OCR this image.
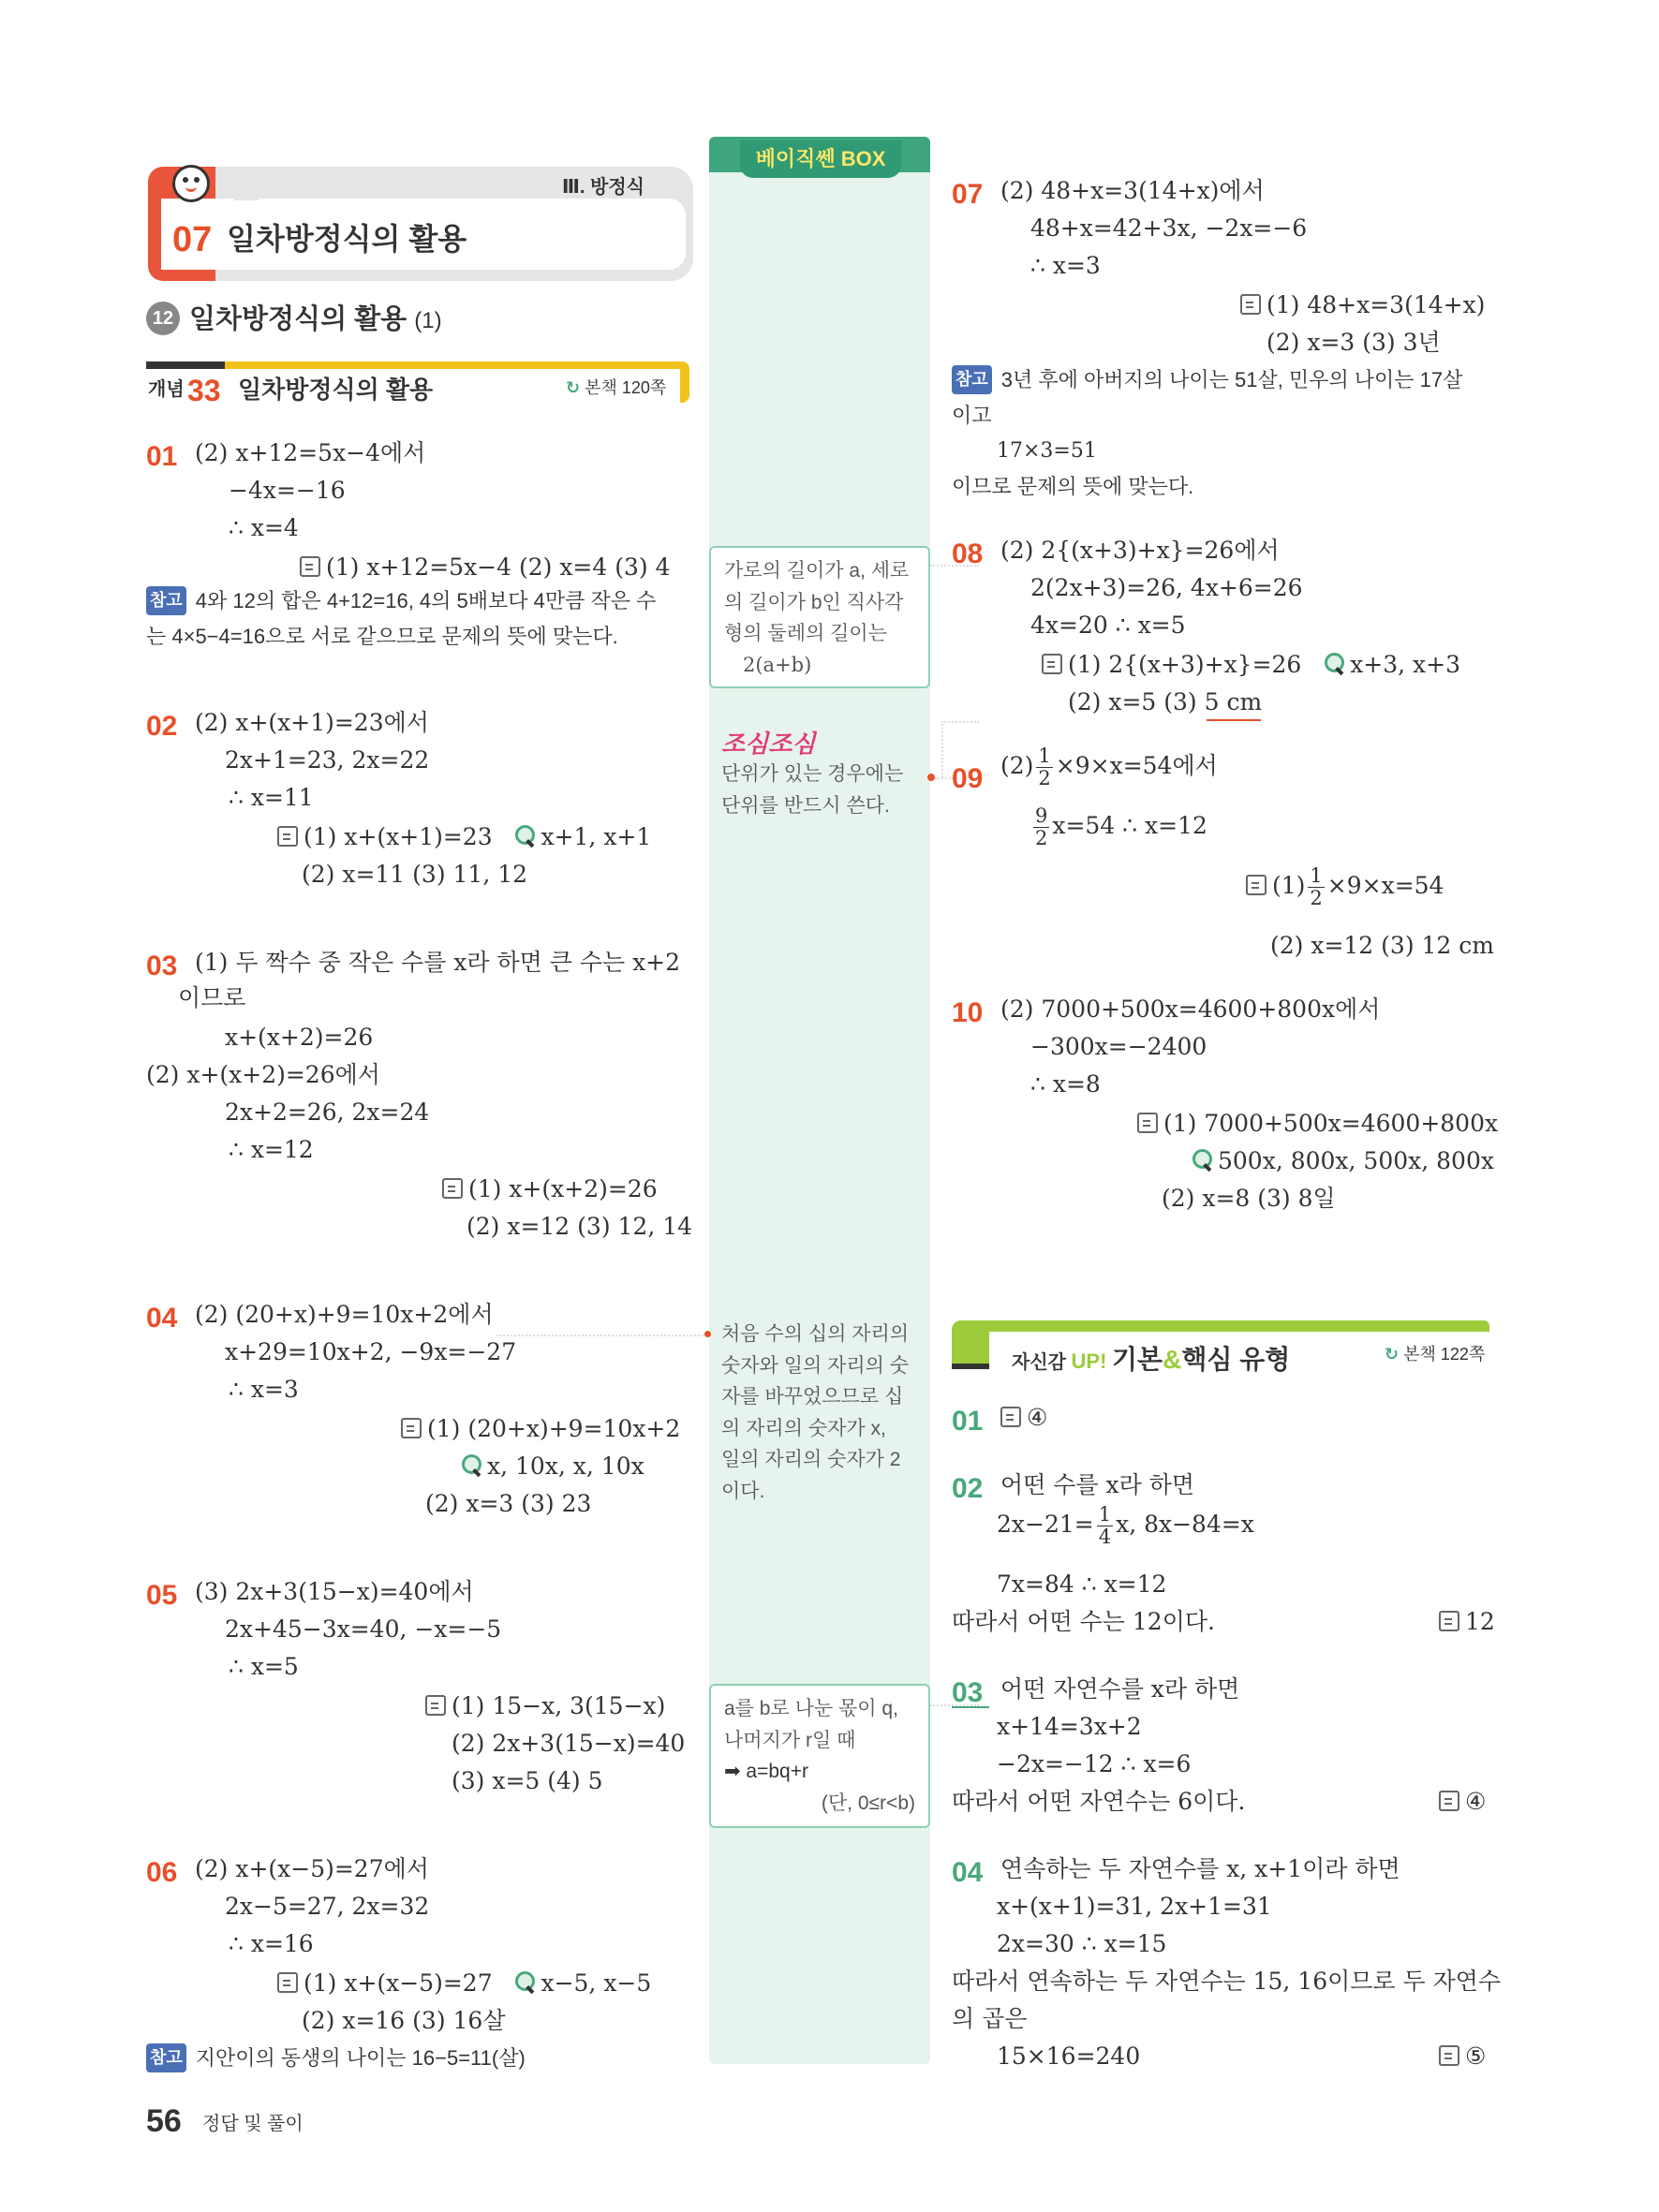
Ⅲ. 방정식
07 일차방정식의 활용
12 일차방정식의 활용 (1)
개념 33 일차방정식의 활용	↻ 본책 120쪽
베이직쎈 BOX
가로의 길이가 a, 세로
의 길이가 b인 직사각
형의 둘레의 길이는
2(a+b)
조심조심
단위가 있는 경우에는
단위를 반드시 쓴다.
처음 수의 십의 자리의
숫자와 일의 자리의 숫
자를 바꾸었으므로 십
의 자리의 숫자가 x,
일의 자리의 숫자가 2
이다.
a를 b로 나눈 몫이 q,
나머지가 r일 때
➡ a=bq+r
(단, 0≤r<b)
01 (2) x+12=5x−4에서
−4x=−16
∴ x=4
(1) x+12=5x−4 (2) x=4 (3) 4
참고 4와 12의 합은 4+12=16, 4의 5배보다 4만큼 작은 수
는 4×5−4=16으로 서로 같으므로 문제의 뜻에 맞는다.
02 (2) x+(x+1)=23에서
2x+1=23, 2x=22
∴ x=11
(1) x+(x+1)=23 x+1, x+1
(2) x=11 (3) 11, 12
03 (1) 두 짝수 중 작은 수를 x라 하면 큰 수는 x+2
이므로
x+(x+2)=26
(2) x+(x+2)=26에서
2x+2=26, 2x=24
∴ x=12
(1) x+(x+2)=26
(2) x=12 (3) 12, 14
04 (2) (20+x)+9=10x+2에서
x+29=10x+2, −9x=−27
∴ x=3
(1) (20+x)+9=10x+2
x, 10x, x, 10x
(2) x=3 (3) 23
05 (3) 2x+3(15−x)=40에서
2x+45−3x=40, −x=−5
∴ x=5
(1) 15−x, 3(15−x)
(2) 2x+3(15−x)=40
(3) x=5 (4) 5
06 (2) x+(x−5)=27에서
2x−5=27, 2x=32
∴ x=16
(1) x+(x−5)=27 x−5, x−5
(2) x=16 (3) 16살
참고 지안이의 동생의 나이는 16−5=11(살)
07 (2) 48+x=3(14+x)에서
48+x=42+3x, −2x=−6
∴ x=3
(1) 48+x=3(14+x)
(2) x=3 (3) 3년
참고 3년 후에 아버지의 나이는 51살, 민우의 나이는 17살
이고
17×3=51
이므로 문제의 뜻에 맞는다.
08 (2) 2{(x+3)+x}=26에서
2(2x+3)=26, 4x+6=26
4x=20 ∴ x=5
(1) 2{(x+3)+x}=26 x+3, x+3
(2) x=5 (3) 5 cm
09 $(2) \frac{1}{2} \times 9\times x=54$에서
$\frac{9}{2} x=54$ ∴ x=12
$(1) \frac{1}{2} \times 9\times x=54$
(2) x=12 (3) 12 cm
10 (2) 7000+500x=4600+800x에서
−300x=−2400
∴ x=8
(1) 7000+500x=4600+800x
500x, 800x, 500x, 800x
(2) x=8 (3) 8일
자신감 UP! 기본&핵심 유형	↻ 본책 122쪽
01	④
02 어떤 수를 x라 하면
$2x-21= \frac{1}{4} x$, 8x−84=x
7x=84 ∴ x=12
따라서 어떤 수는 12이다.	12
03 어떤 자연수를 x라 하면
x+14=3x+2
−2x=−12 ∴ x=6
따라서 어떤 자연수는 6이다.	④
04 연속하는 두 자연수를 x, x+1이라 하면
x+(x+1)=31, 2x+1=31
2x=30 ∴ x=15
따라서 연속하는 두 자연수는 15, 16이므로 두 자연수
의 곱은
15×16=240	⑤
56 정답 및 풀이
